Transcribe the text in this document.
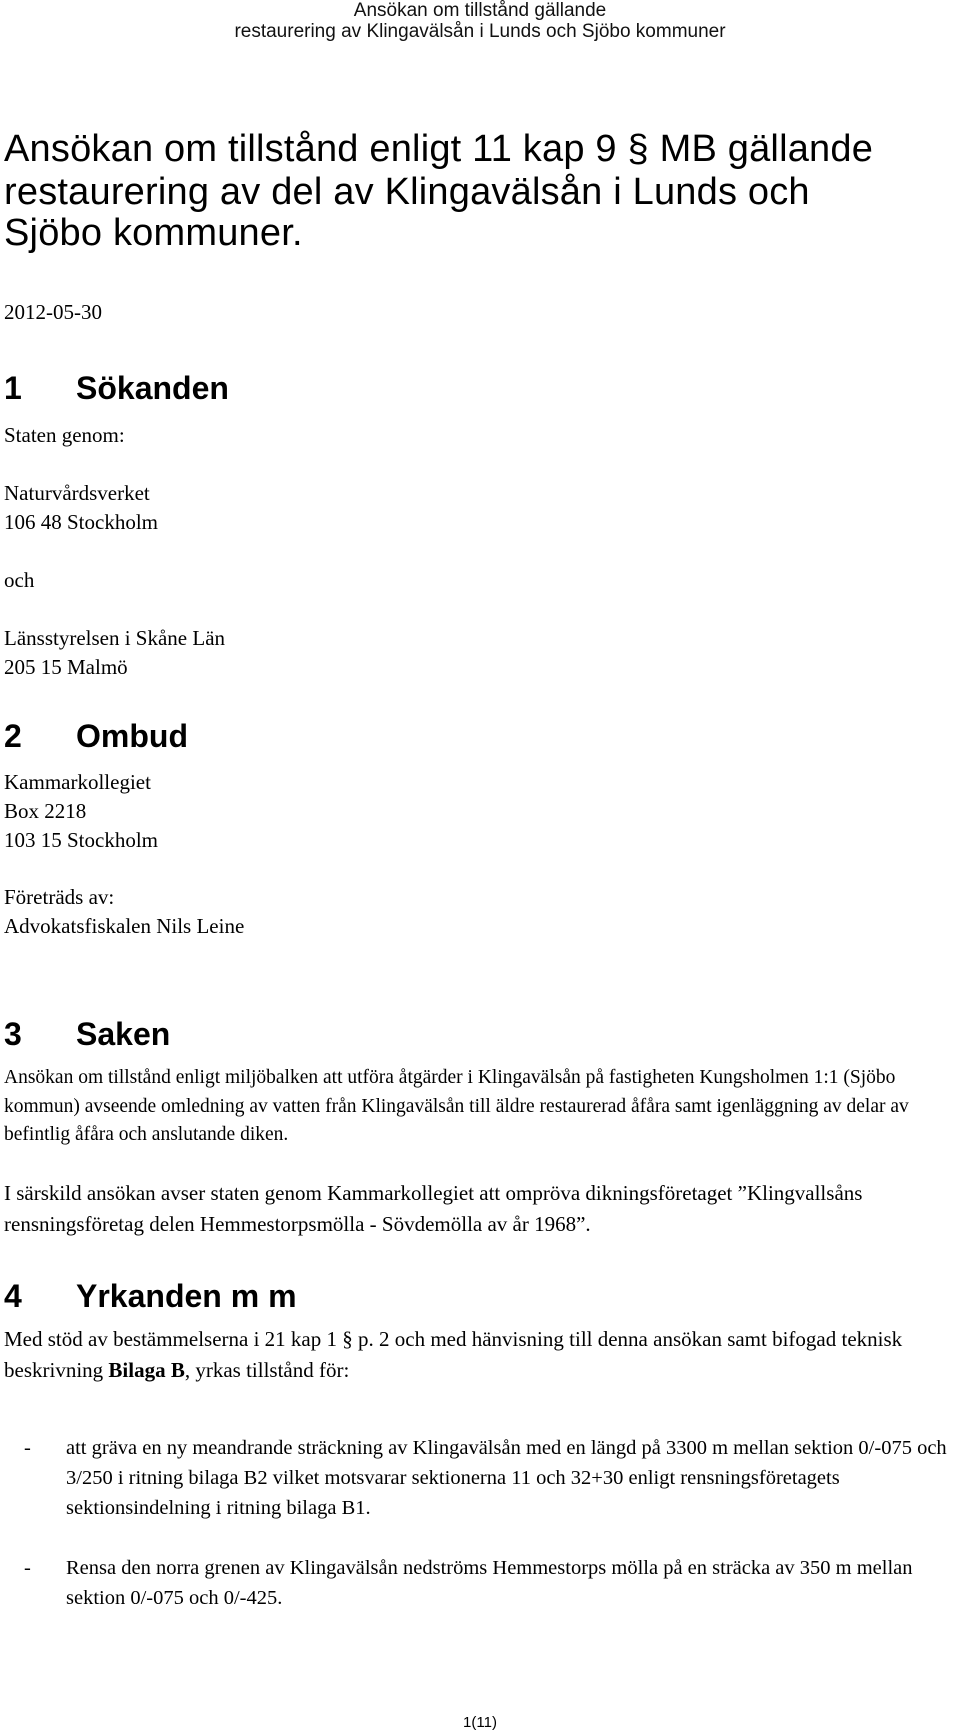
Ansökan om tillstånd gällande
restaurering av Klingavälsån i Lunds och Sjöbo kommuner
Ansökan om tillstånd enligt 11 kap 9 § MB gällande
restaurering av del av Klingavälsån i Lunds och
Sjöbo kommuner.
2012-05-30
1 Sökanden
Staten genom:
Naturvårdsverket
106 48 Stockholm
och
Länsstyrelsen i Skåne Län
205 15 Malmö
2 Ombud
Kammarkollegiet
Box 2218
103 15 Stockholm
Företräds av:
Advokatsfiskalen Nils Leine
3 Saken

Ansökan om tillstånd enligt miljöbalken att utföra åtgärder i Klingavälsån på fastigheten Kungsholmen 1:1 (Sjöbo kommun) avseende omledning av vatten från Klingavälsån till äldre restaurerad åfåra samt igenläggning av delar av befintlig åfåra och anslutande diken.

I särskild ansökan avser staten genom Kammarkollegiet att ompröva dikningsföretaget ”Klingvallsåns rensningsföretag delen Hemmestorpsmölla - Sövdemölla av år 1968”.

4 Yrkanden m m

Med stöd av bestämmelserna i 21 kap 1 § p. 2 och med hänvisning till denna ansökan samt bifogad teknisk beskrivning Bilaga B, yrkas tillstånd för:

- att gräva en ny meandrande sträckning av Klingavälsån med en längd på 3300 m mellan sektion 0/-075 och 3/250 i ritning bilaga B2 vilket motsvarar sektionerna 11 och 32+30 enligt rensningsföretagets sektionsindelning i ritning bilaga B1.
- Rensa den norra grenen av Klingavälsån nedströms Hemmestorps mölla på en sträcka av 350 m mellan sektion 0/-075 och 0/-425.
1(11)
